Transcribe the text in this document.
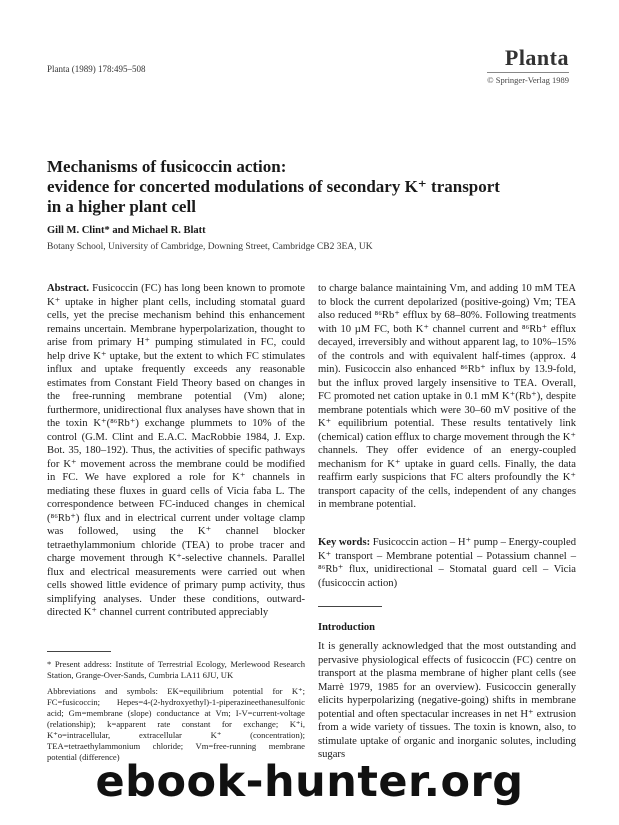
Planta (1989) 178:495–508	Planta
© Springer-Verlag 1989
Mechanisms of fusicoccin action:
evidence for concerted modulations of secondary K⁺ transport
in a higher plant cell
Gill M. Clint* and Michael R. Blatt
Botany School, University of Cambridge, Downing Street, Cambridge CB2 3EA, UK

Abstract. Fusicoccin (FC) has long been known to promote K⁺ uptake in higher plant cells, including stomatal guard cells, yet the precise mechanism behind this enhancement remains uncertain. Membrane hyperpolarization, thought to arise from primary H⁺ pumping stimulated in FC, could help drive K⁺ uptake, but the extent to which FC stimulates influx and uptake frequently exceeds any reasonable estimates from Constant Field Theory based on changes in the free-running membrane potential (Vm) alone; furthermore, unidirectional flux analyses have shown that in the toxin K⁺(⁸⁶Rb⁺) exchange plummets to 10% of the control (G.M. Clint and E.A.C. MacRobbie 1984, J. Exp. Bot. 35, 180–192). Thus, the activities of specific pathways for K⁺ movement across the membrane could be modified in FC. We have explored a role for K⁺ channels in mediating these fluxes in guard cells of Vicia faba L. The correspondence between FC-induced changes in chemical (⁸⁶Rb⁺) flux and in electrical current under voltage clamp was followed, using the K⁺ channel blocker tetraethylammonium chloride (TEA) to probe tracer and charge movement through K⁺-selective channels. Parallel flux and electrical measurements were carried out when cells showed little evidence of primary pump activity, thus simplifying analyses. Under these conditions, outward-directed K⁺ channel current contributed appreciably

to charge balance maintaining Vm, and adding 10 mM TEA to block the current depolarized (positive-going) Vm; TEA also reduced ⁸⁶Rb⁺ efflux by 68–80%. Following treatments with 10 µM FC, both K⁺ channel current and ⁸⁶Rb⁺ efflux decayed, irreversibly and without apparent lag, to 10%–15% of the controls and with equivalent half-times (approx. 4 min). Fusicoccin also enhanced ⁸⁶Rb⁺ influx by 13.9-fold, but the influx proved largely insensitive to TEA. Overall, FC promoted net cation uptake in 0.1 mM K⁺(Rb⁺), despite membrane potentials which were 30–60 mV positive of the K⁺ equilibrium potential. These results tentatively link (chemical) cation efflux to charge movement through the K⁺ channels. They offer evidence of an energy-coupled mechanism for K⁺ uptake in guard cells. Finally, the data reaffirm early suspicions that FC alters profoundly the K⁺ transport capacity of the cells, independent of any changes in membrane potential.

Key words: Fusicoccin action – H⁺ pump – Energy-coupled K⁺ transport – Membrane potential – Potassium channel – ⁸⁶Rb⁺ flux, unidirectional – Stomatal guard cell – Vicia (fusicoccin action)
Introduction
It is generally acknowledged that the most outstanding and pervasive physiological effects of fusicoccin (FC) centre on transport at the plasma membrane of higher plant cells (see Marrè 1979, 1985 for an overview). Fusicoccin generally elicits hyperpolarizing (negative-going) shifts in membrane potential and often spectacular increases in net H⁺ extrusion from a wide variety of tissues. The toxin is known, also, to stimulate uptake of organic and inorganic solutes, including sugars

* Present address: Institute of Terrestrial Ecology, Merlewood Research Station, Grange-Over-Sands, Cumbria LA11 6JU, UK

Abbreviations and symbols: EK=equilibrium potential for K⁺; FC=fusicoccin; Hepes=4-(2-hydroxyethyl)-1-piperazineethanesulfonic acid; Gm=membrane (slope) conductance at Vm; I-V=current-voltage (relationship); k=apparent rate constant for exchange; K⁺i, K⁺o=intracellular, extracellular K⁺ (concentration); TEA=tetraethylammonium chloride; Vm=free-running membrane potential (difference)

ebook-hunter.org
